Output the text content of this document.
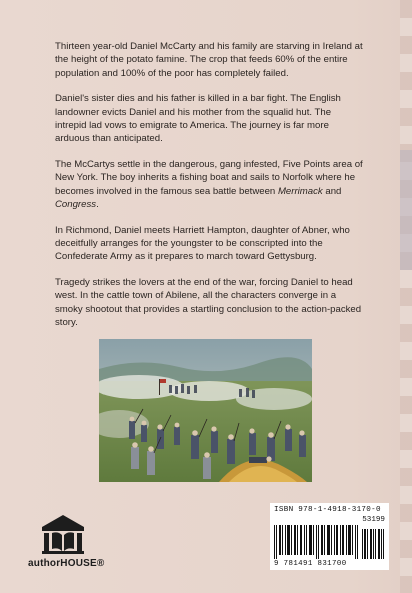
Thirteen year-old Daniel McCarty and his family are starving in Ireland at the height of the potato famine. The crop that feeds 60% of the entire population and 100% of the poor has completely failed.

Daniel's sister dies and his father is killed in a bar fight. The English landowner evicts Daniel and his mother from the squalid hut. The intrepid lad vows to emigrate to America. The journey is far more arduous than anticipated.

The McCartys settle in the dangerous, gang infested, Five Points area of New York. The boy inherits a fishing boat and sails to Norfolk where he becomes involved in the famous sea battle between Merrimack and Congress.

In Richmond, Daniel meets Harriett Hampton, daughter of Abner, who deceitfully arranges for the youngster to be conscripted into the Confederate Army as it prepares to march toward Gettysburg.

Tragedy strikes the lovers at the end of the war, forcing Daniel to head west. In the cattle town of Abilene, all the characters converge in a smoky shootout that provides a startling conclusion to the action-packed story.

authorHOUSE®
ISBN 978-1-4918-3170-0
53199
9 781491 831700
